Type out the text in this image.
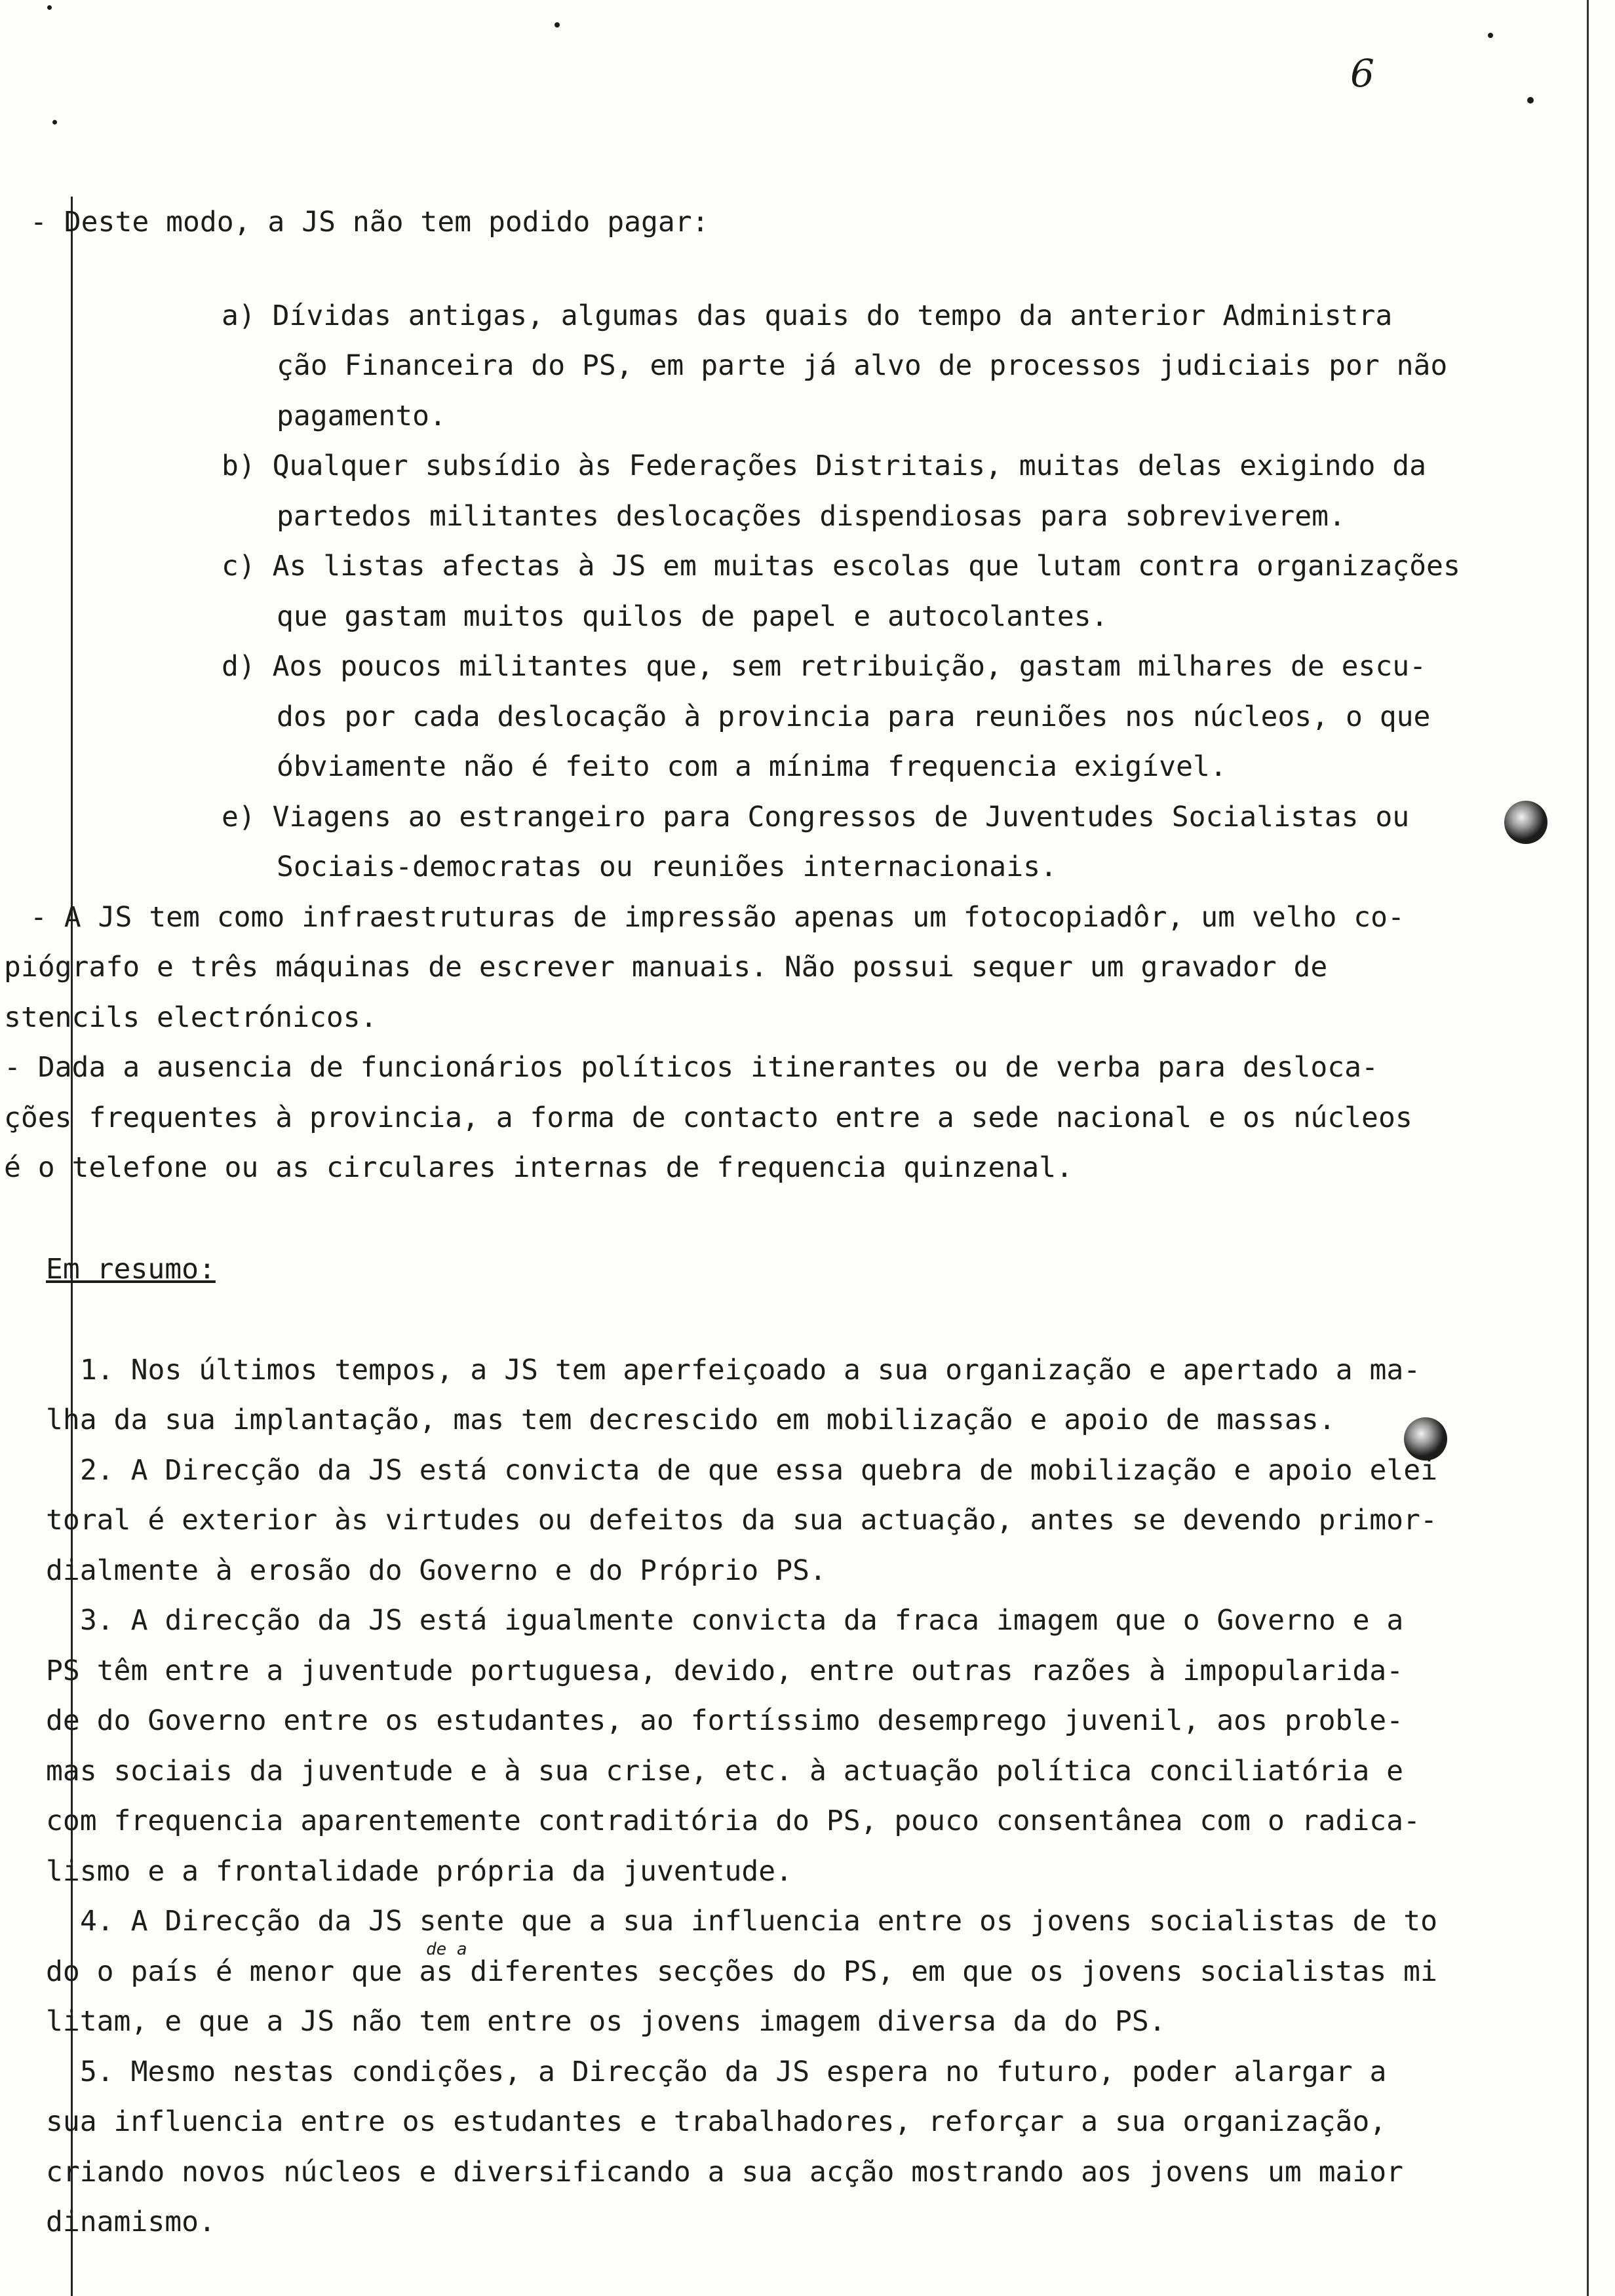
6
- Deste modo, a JS não tem podido pagar:
a) Dívidas antigas, algumas das quais do tempo da anterior Administra
ção Financeira do PS, em parte já alvo de processos judiciais por não
pagamento.
b) Qualquer subsídio às Federações Distritais, muitas delas exigindo da
partedos militantes deslocações dispendiosas para sobreviverem.
c) As listas afectas à JS em muitas escolas que lutam contra organizações
que gastam muitos quilos de papel e autocolantes.
d) Aos poucos militantes que, sem retribuição, gastam milhares de escu-
dos por cada deslocação à provincia para reuniões nos núcleos, o que
óbviamente não é feito com a mínima frequencia exigível.
e) Viagens ao estrangeiro para Congressos de Juventudes Socialistas ou
Sociais-democratas ou reuniões internacionais.
- A JS tem como infraestruturas de impressão apenas um fotocopiadôr, um velho co-
piógrafo e três máquinas de escrever manuais. Não possui sequer um gravador de
stencils electrónicos.
- Dada a ausencia de funcionários políticos itinerantes ou de verba para desloca-
ções frequentes à provincia, a forma de contacto entre a sede nacional e os núcleos
é o telefone ou as circulares internas de frequencia quinzenal.
Em resumo:
1. Nos últimos tempos, a JS tem aperfeiçoado a sua organização e apertado a ma-
lha da sua implantação, mas tem decrescido em mobilização e apoio de massas.
2. A Direcção da JS está convicta de que essa quebra de mobilização e apoio elei
toral é exterior às virtudes ou defeitos da sua actuação, antes se devendo primor-
dialmente à erosão do Governo e do Próprio PS.
3. A direcção da JS está igualmente convicta da fraca imagem que o Governo e a
PS têm entre a juventude portuguesa, devido, entre outras razões à impopularida-
de do Governo entre os estudantes, ao fortíssimo desemprego juvenil, aos proble-
mas sociais da juventude e à sua crise, etc. à actuação política conciliatória e
com frequencia aparentemente contraditória do PS, pouco consentânea com o radica-
lismo e a frontalidade própria da juventude.
4. A Direcção da JS sente que a sua influencia entre os jovens socialistas de to
de a
do o país é menor que as diferentes secções do PS, em que os jovens socialistas mi
litam, e que a JS não tem entre os jovens imagem diversa da do PS.
5. Mesmo nestas condições, a Direcção da JS espera no futuro, poder alargar a
sua influencia entre os estudantes e trabalhadores, reforçar a sua organização,
criando novos núcleos e diversificando a sua acção mostrando aos jovens um maior
dinamismo.
